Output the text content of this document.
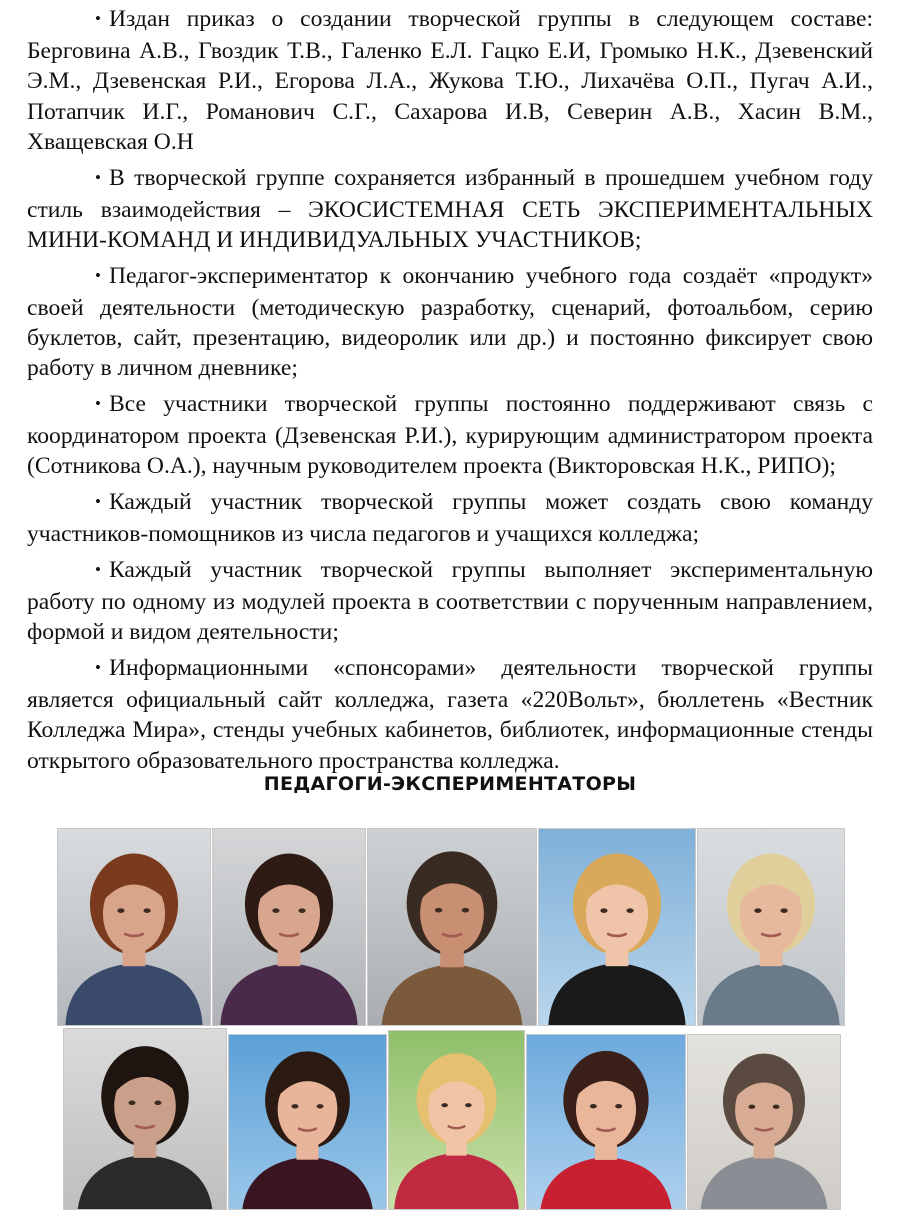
• Издан приказ о создании творческой группы в следующем составе: Берговина А.В., Гвоздик Т.В., Галенко Е.Л. Гацко Е.И, Громыко Н.К., Дзевенский Э.М., Дзевенская Р.И., Егорова Л.А., Жукова Т.Ю., Лихачёва О.П., Пугач А.И., Потапчик И.Г., Романович С.Г., Сахарова И.В, Северин А.В., Хасин В.М., Хващевская О.Н

• В творческой группе сохраняется избранный в прошедшем учебном году стиль взаимодействия – ЭКОСИСТЕМНАЯ СЕТЬ ЭКСПЕРИМЕНТАЛЬНЫХ МИНИ-КОМАНД И ИНДИВИДУАЛЬНЫХ УЧАСТНИКОВ;

• Педагог-экспериментатор к окончанию учебного года создаёт «продукт» своей деятельности (методическую разработку, сценарий, фотоальбом, серию буклетов, сайт, презентацию, видеоролик или др.) и постоянно фиксирует свою работу в личном дневнике;

• Все участники творческой группы постоянно поддерживают связь с координатором проекта (Дзевенская Р.И.), курирующим администратором проекта (Сотникова О.А.), научным руководителем проекта (Викторовская Н.К., РИПО);

• Каждый участник творческой группы может создать свою команду участников-помощников из числа педагогов и учащихся колледжа;

• Каждый участник творческой группы выполняет экспериментальную работу по одному из модулей проекта в соответствии с порученным направлением, формой и видом деятельности;

• Информационными «спонсорами» деятельности творческой группы является официальный сайт колледжа, газета «220Вольт», бюллетень «Вестник Колледжа Мира», стенды учебных кабинетов, библиотек, информационные стенды открытого образовательного пространства колледжа.

ПЕДАГОГИ-ЭКСПЕРИМЕНТАТОРЫ
